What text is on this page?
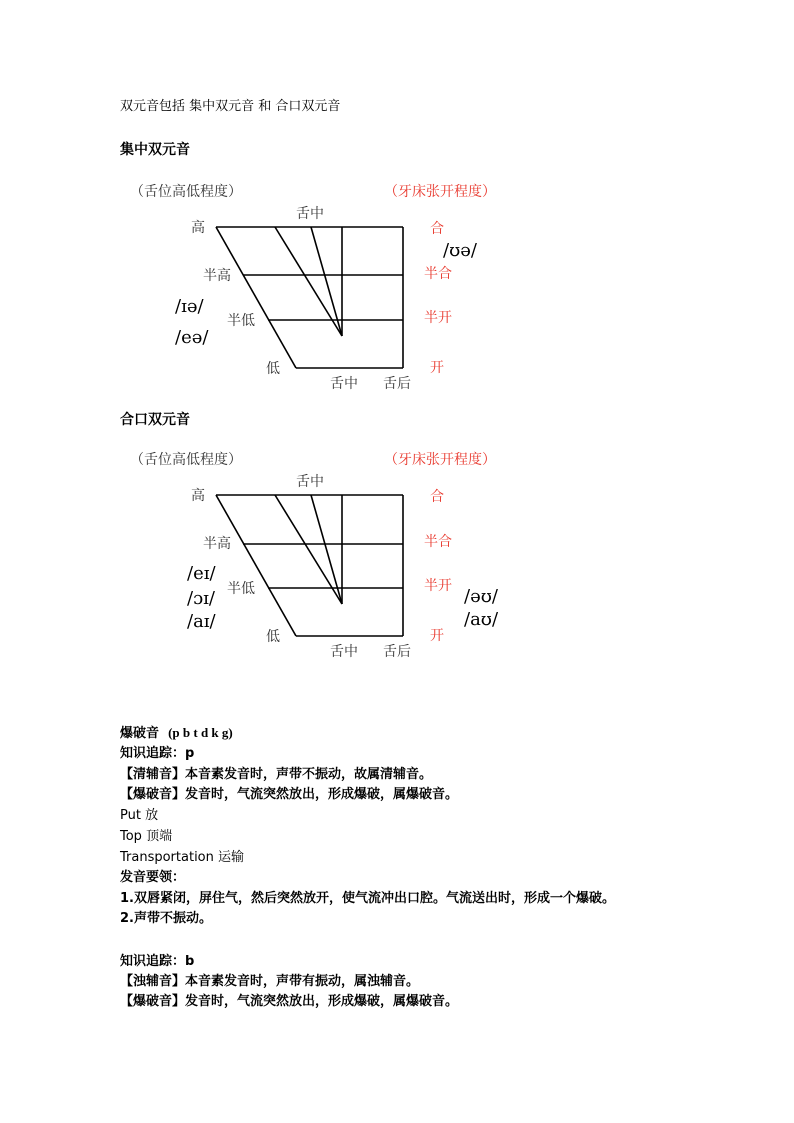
双元音包括 集中双元音 和 合口双元音
集中双元音
（舌位高低程度）	（牙床张开程度）
舌中
高
半高
半低
低
舌中 舌后
合
半合
半开
开
/ʊə/
/ɪə/
/eə/
合口双元音
（舌位高低程度）	（牙床张开程度）
舌中
高
半高
半低
低
舌中 舌后
合
半合
半开
开
/eɪ/
/ɔɪ/
/aɪ/
/əʊ/
/aʊ/
爆破音 (p b t d k g)
知识追踪：p
【清辅音】本音素发音时，声带不振动，故属清辅音。
【爆破音】发音时，气流突然放出，形成爆破，属爆破音。
Put 放
Top 顶端
Transportation 运输
发音要领：
1.双唇紧闭，屏住气，然后突然放开，使气流冲出口腔。气流送出时，形成一个爆破。
2.声带不振动。
知识追踪：b
【浊辅音】本音素发音时，声带有振动，属浊辅音。
【爆破音】发音时，气流突然放出，形成爆破，属爆破音。
